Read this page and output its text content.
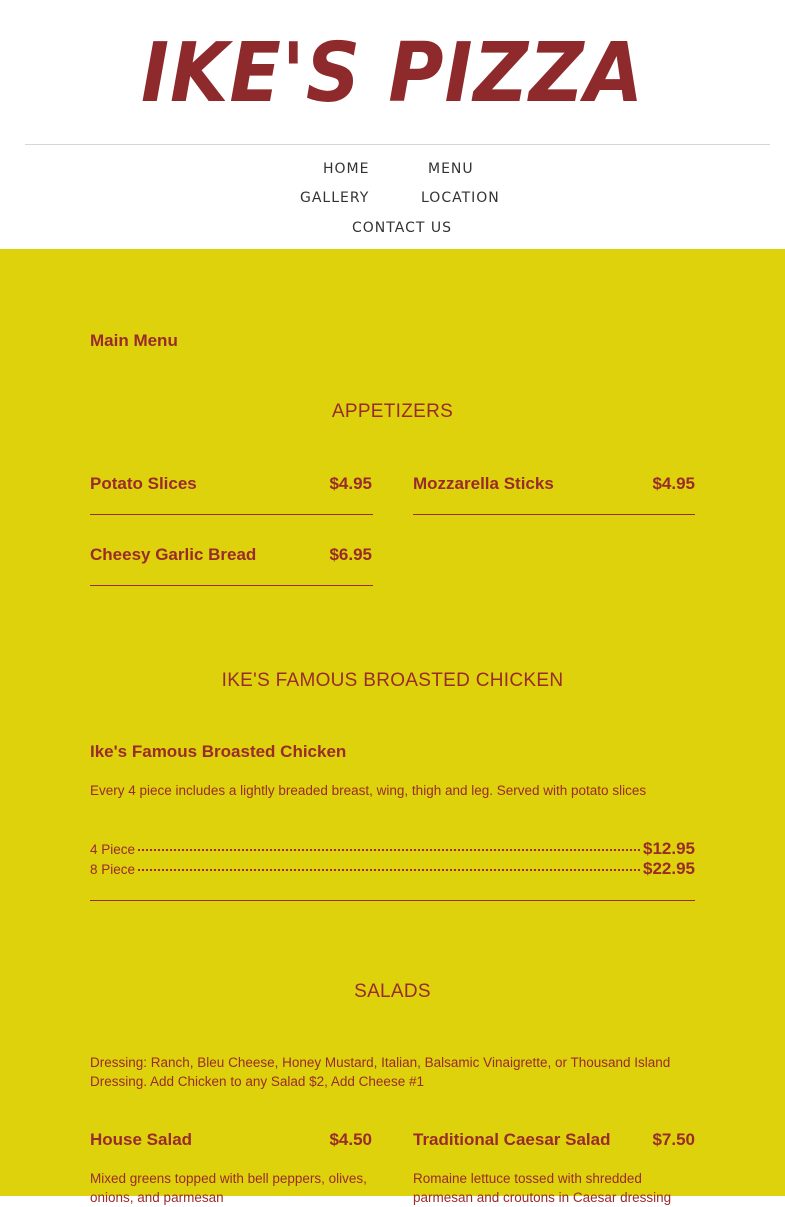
IKE'S PIZZA
HOME	MENU
GALLERY	LOCATION
CONTACT US
Main Menu
APPETIZERS
Potato Slices	$4.95 Mozzarella Sticks	$4.95
Cheesy Garlic Bread	$6.95
IKE'S FAMOUS BROASTED CHICKEN
Ike's Famous Broasted Chicken
Every 4 piece includes a lightly breaded breast, wing, thigh and leg. Served with potato slices
4 Piece	$12.95
8 Piece	$22.95
SALADS
Dressing: Ranch, Bleu Cheese, Honey Mustard, Italian, Balsamic Vinaigrette, or Thousand Island Dressing. Add Chicken to any Salad $2, Add Cheese #1
House Salad	$4.50
Mixed greens topped with bell peppers, olives, onions, and parmesan
Traditional Caesar Salad	$7.50
Romaine lettuce tossed with shredded parmesan and croutons in Caesar dressing
